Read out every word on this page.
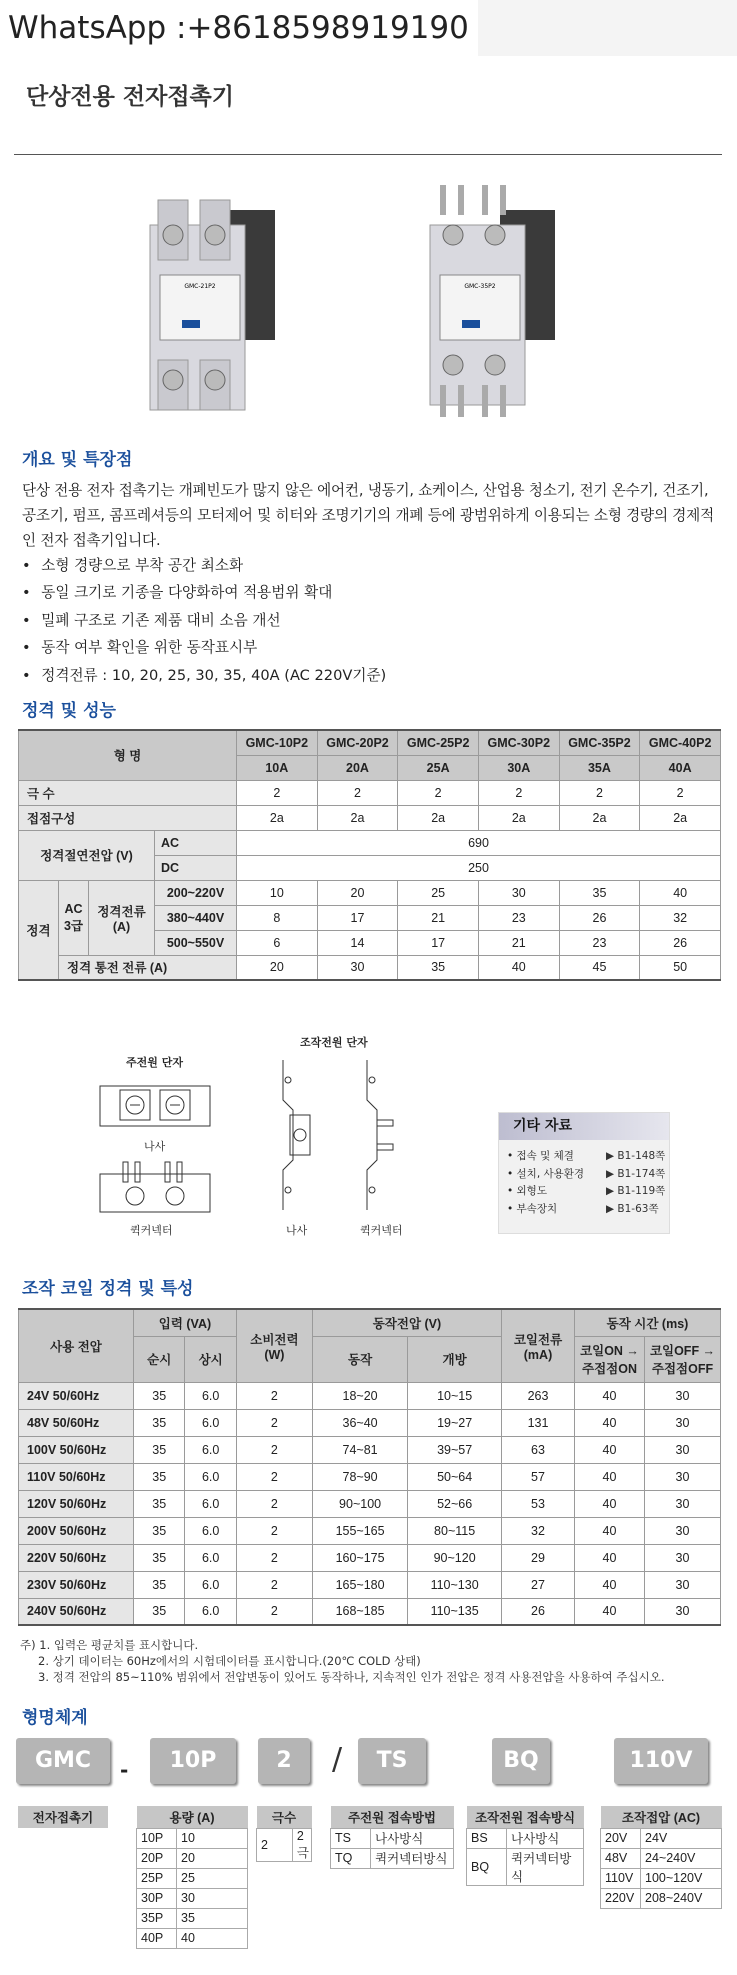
WhatsApp :+8618598919190
단상전용 전자접촉기
GMC-21P2	GMC-35P2
개요 및 특장점
단상 전용 전자 접촉기는 개폐빈도가 많지 않은 에어컨, 냉동기, 쇼케이스, 산업용 청소기, 전기 온수기, 건조기, 공조기, 펌프, 콤프레셔등의 모터제어 및 히터와 조명기기의 개폐 등에 광범위하게 이용되는 소형 경량의 경제적인 전자 접촉기입니다.
• 소형 경량으로 부착 공간 최소화
• 동일 크기로 기종을 다양화하여 적용범위 확대
• 밀폐 구조로 기존 제품 대비 소음 개선
• 동작 여부 확인을 위한 동작표시부
• 정격전류 : 10, 20, 25, 30, 35, 40A (AC 220V기준)
정격 및 성능
형 명				GMC-10P2	GMC-20P2	GMC-25P2	GMC-30P2	GMC-35P2	GMC-40P2
				10A	20A	25A	30A	35A	40A
극 수				2	2	2	2	2	2
접점구성				2a	2a	2a	2a	2a	2a
정격절연전압 (V)			AC	690					
			DC	250					
정격	AC 3급	정격전류 (A)	200~220V	10	20	25	30	35	40
			380~440V	8	17	21	23	26	32
			500~550V	6	14	17	21	23	26
	정격 통전 전류 (A)			20	30	35	40	45	50
주전원 단자
조작전원 단자
나사
퀵커넥터	나사	퀵커넥터
기타 자료
• 접속 및 체결	▶ B1-148쪽
• 설치, 사용환경 ▶ B1-174쪽
• 외형도	▶ B1-119쪽
• 부속장치	▶ B1-63쪽
조작 코일 정격 및 특성
사용 전압	입력 (VA)		소비전력 (W)	동작전압 (V)		코일전류 (mA)	동작 시간 (ms)	
	순시	상시		동작	개방		코일ON → 주접점ON	코일OFF → 주접점OFF
24V 50/60Hz	35	6.0	2	18~20	10~15	263	40	30
48V 50/60Hz	35	6.0	2	36~40	19~27	131	40	30
100V 50/60Hz	35	6.0	2	74~81	39~57	63	40	30
110V 50/60Hz	35	6.0	2	78~90	50~64	57	40	30
120V 50/60Hz	35	6.0	2	90~100	52~66	53	40	30
200V 50/60Hz	35	6.0	2	155~165	80~115	32	40	30
220V 50/60Hz	35	6.0	2	160~175	90~120	29	40	30
230V 50/60Hz	35	6.0	2	165~180	110~130	27	40	30
240V 50/60Hz	35	6.0	2	168~185	110~135	26	40	30
주) 1. 입력은 평균치를 표시합니다.
2. 상기 데이터는 60Hz에서의 시험데이터를 표시합니다.(20℃ COLD 상태)
3. 정격 전압의 85~110% 범위에서 전압변동이 있어도 동작하나, 지속적인 인가 전압은 정격 사용전압을 사용하여 주십시오.
형명체계
GMC	-	10P	2	/	TS	BQ	110V
전자접촉기	용량 (A)	
10P	10
20P	20
25P	25
30P	30
35P	35
40P	40
극수
2	2극
주전원 접속방법	
TS	나사방식
TQ	퀵커넥터방식
조작전원 접속방식	
BS	나사방식
BQ	퀵커넥터방식
조작접압 (AC)	
20V	24V
48V	24~240V
110V	100~120V
220V	208~240V
